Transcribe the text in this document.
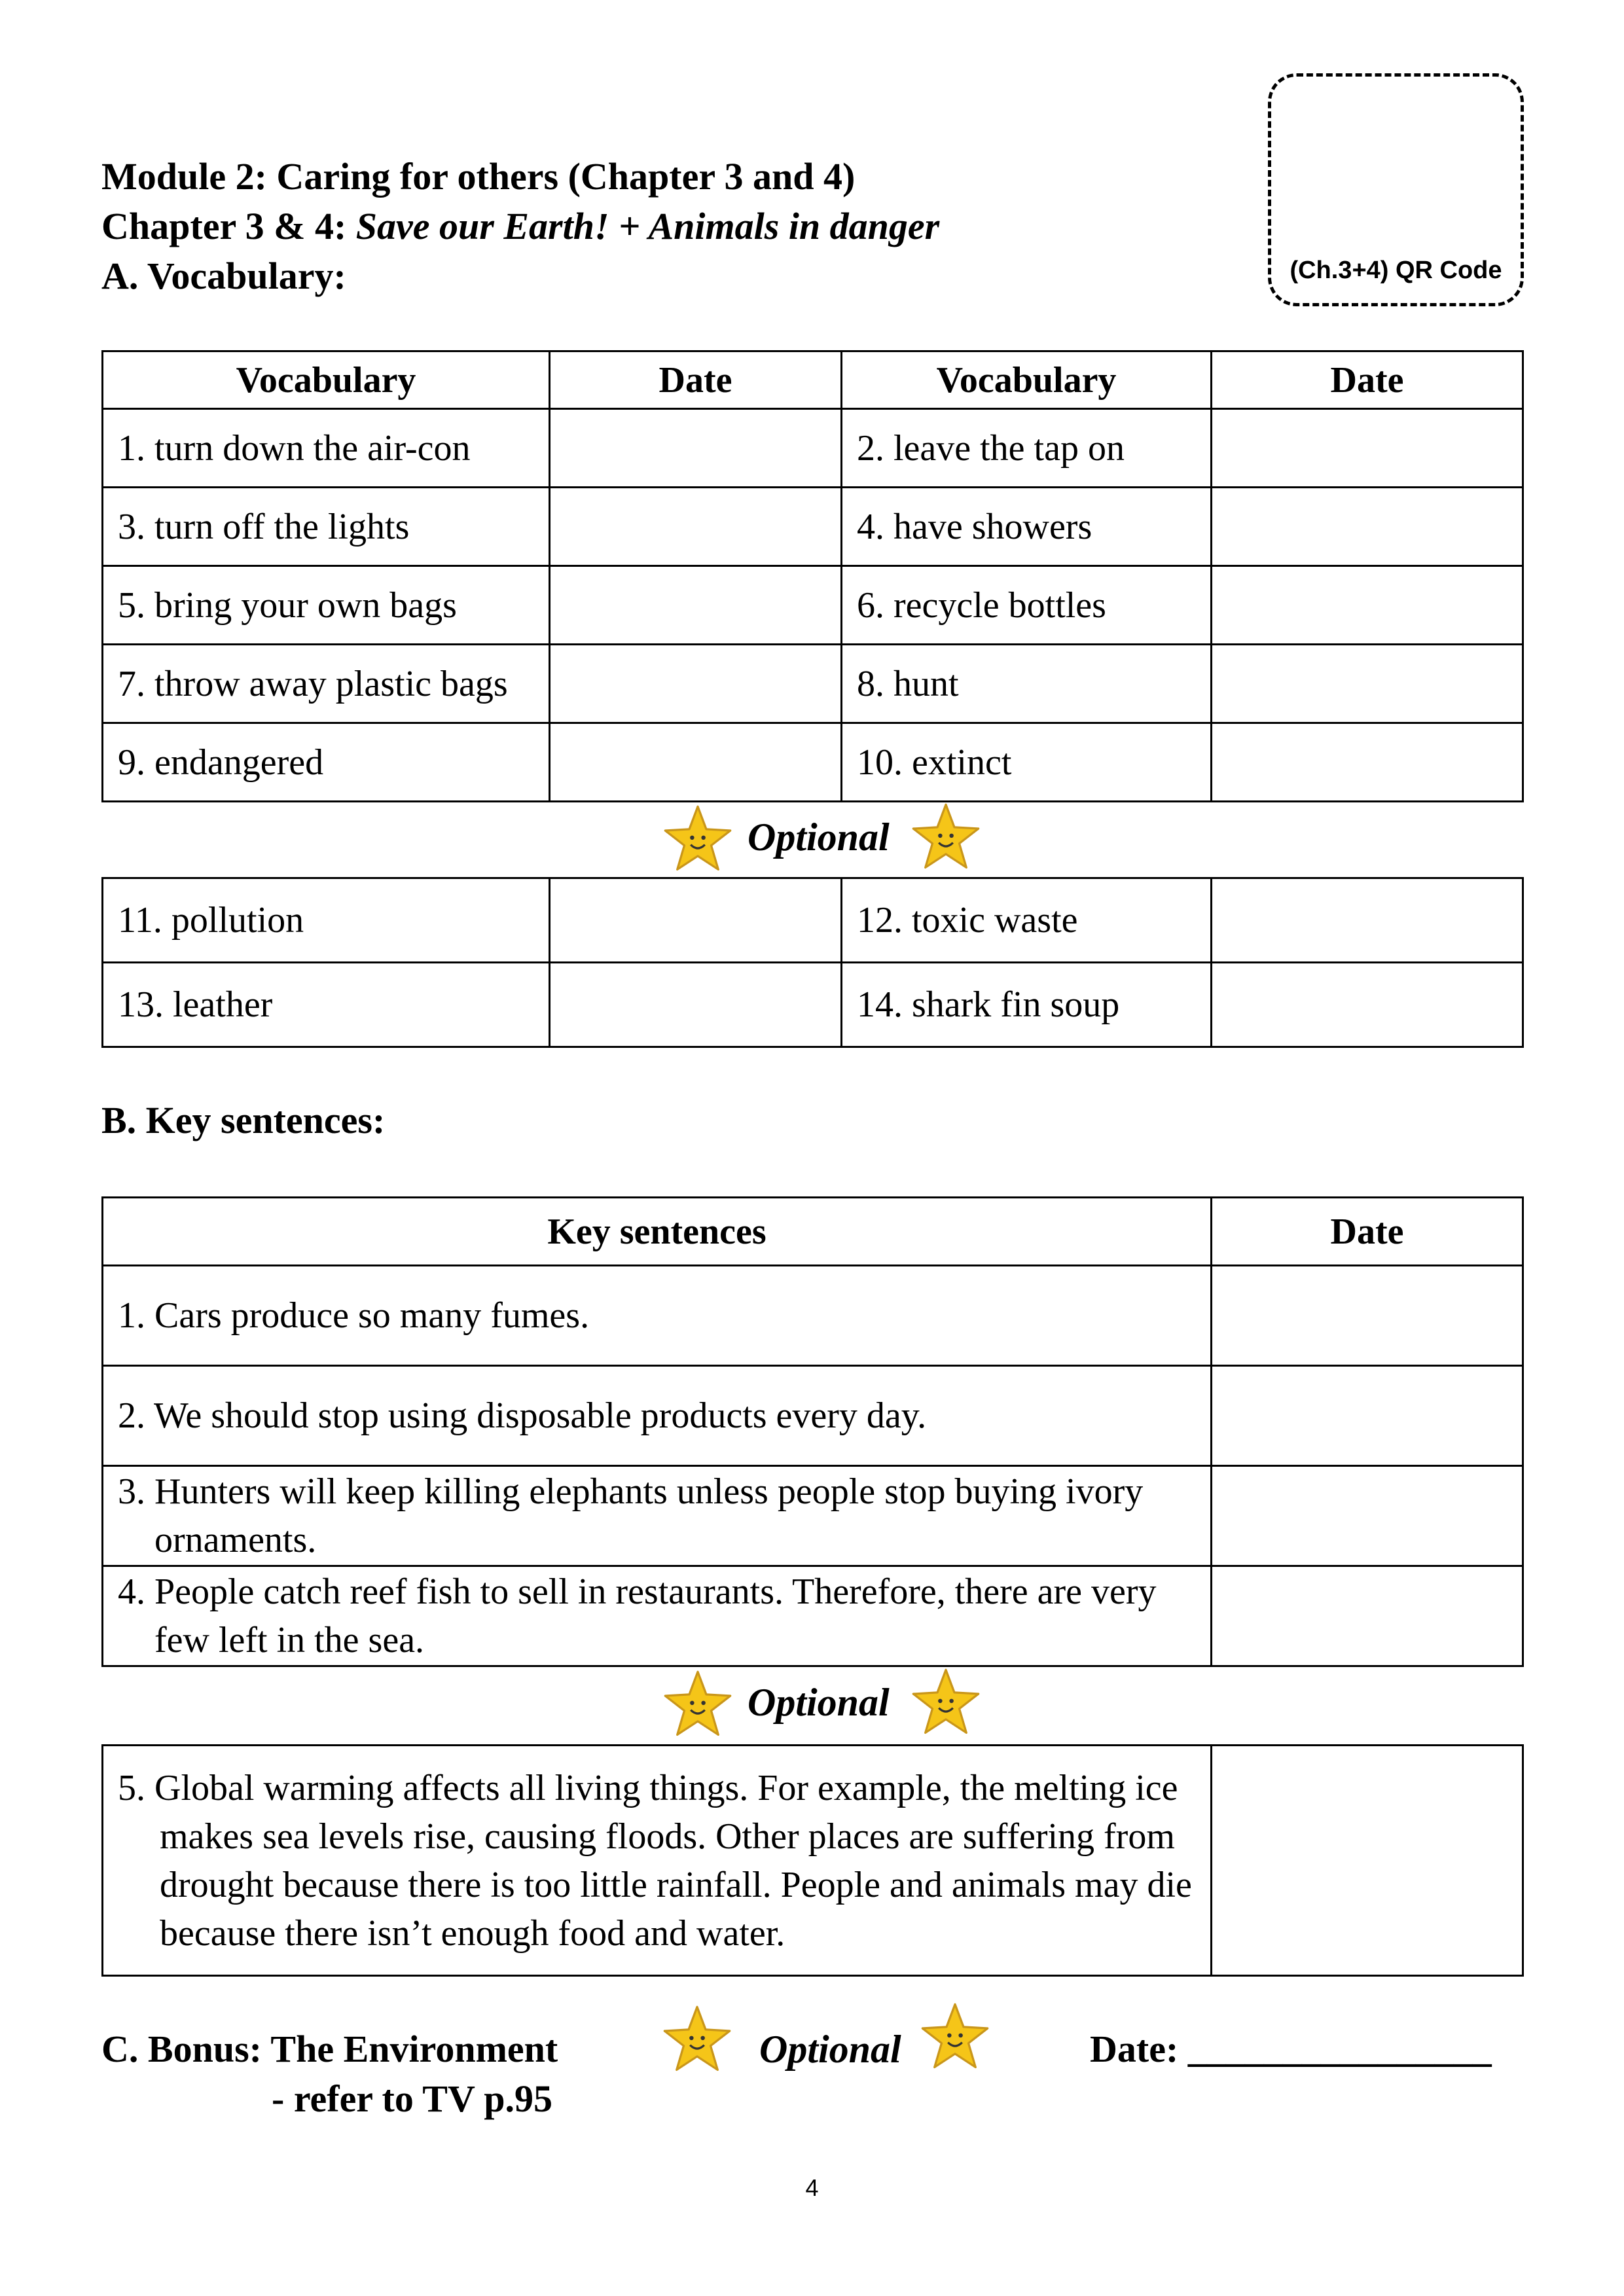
(Ch.3+4) QR Code
Module 2: Caring for others (Chapter 3 and 4)
Chapter 3 & 4: Save our Earth! + Animals in danger
A. Vocabulary:
Vocabulary	Date	Vocabulary	Date
1. turn down the air-con		2. leave the tap on	
3. turn off the lights		4. have showers	
5. bring your own bags		6. recycle bottles	
7. throw away plastic bags		8. hunt	
9. endangered		10. extinct	
Optional
11. pollution		12. toxic waste	
13. leather		14. shark fin soup	
B. Key sentences:
Key sentences	Date
1. Cars produce so many fumes.	
2. We should stop using disposable products every day.	
3. Hunters will keep killing elephants unless people stop buying ivory ornaments.	
4. People catch reef fish to sell in restaurants. Therefore, there are very few left in the sea.	
Optional
5. Global warming affects all living things. For example, the melting ice makes sea levels rise, causing floods. Other places are suffering from drought because there is too little rainfall. People and animals may die because there isn’t enough food and water.	
C. Bonus: The Environment
- refer to TV p.95
Optional	Date: ________________
4
